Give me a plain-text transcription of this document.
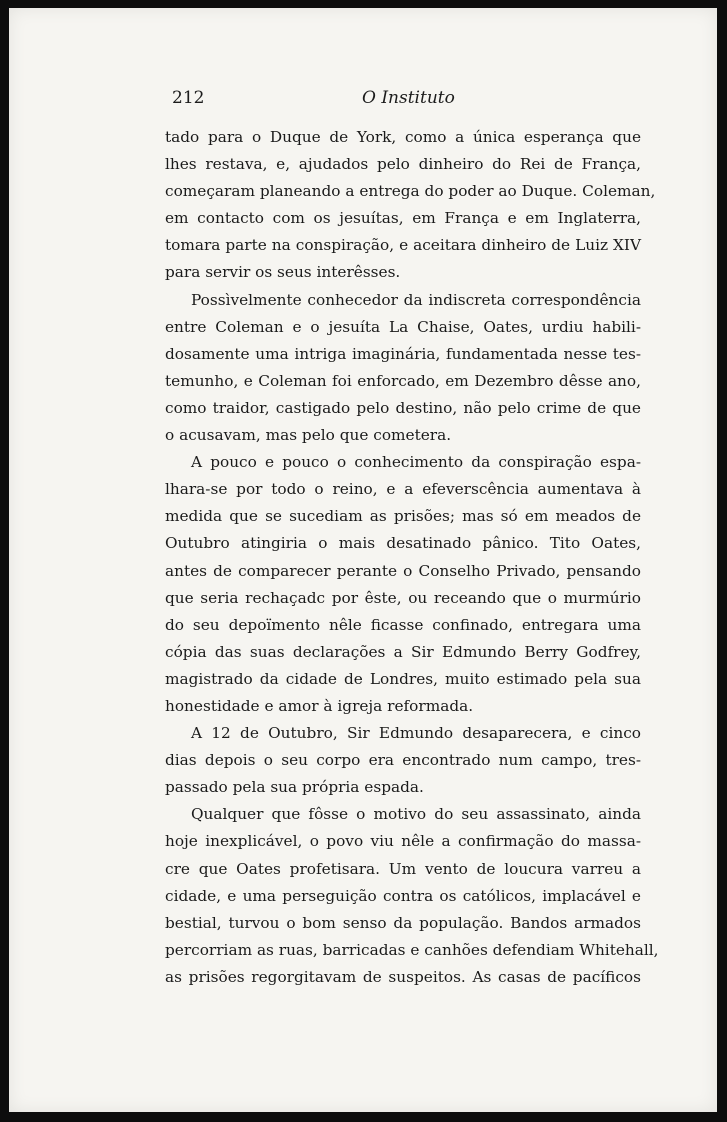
212	O Instituto
tado para o Duque de York, como a única esperança que
lhes restava, e, ajudados pelo dinheiro do Rei de França,
começaram planeando a entrega do poder ao Duque. Coleman,
em contacto com os jesuítas, em França e em Inglaterra,
tomara parte na conspiração, e aceitara dinheiro de Luiz XIV
para servir os seus interêsses.
Possìvelmente conhecedor da indiscreta correspondência
entre Coleman e o jesuíta La Chaise, Oates, urdiu habili-
dosamente uma intriga imaginária, fundamentada nesse tes-
temunho, e Coleman foi enforcado, em Dezembro dêsse ano,
como traidor, castigado pelo destino, não pelo crime de que
o acusavam, mas pelo que cometera.
A pouco e pouco o conhecimento da conspiração espa-
lhara-se por todo o reino, e a efeverscência aumentava à
medida que se sucediam as prisões; mas só em meados de
Outubro atingiria o mais desatinado pânico. Tito Oates,
antes de comparecer perante o Conselho Privado, pensando
que seria rechaçadc por êste, ou receando que o murmúrio
do seu depoïmento nêle ficasse confinado, entregara uma
cópia das suas declarações a Sir Edmundo Berry Godfrey,
magistrado da cidade de Londres, muito estimado pela sua
honestidade e amor à igreja reformada.
A 12 de Outubro, Sir Edmundo desaparecera, e cinco
dias depois o seu corpo era encontrado num campo, tres-
passado pela sua própria espada.
Qualquer que fôsse o motivo do seu assassinato, ainda
hoje inexplicável, o povo viu nêle a confirmação do massa-
cre que Oates profetisara. Um vento de loucura varreu a
cidade, e uma perseguição contra os católicos, implacável e
bestial, turvou o bom senso da população. Bandos armados
percorriam as ruas, barricadas e canhões defendiam Whitehall,
as prisões regorgitavam de suspeitos. As casas de pacíficos
